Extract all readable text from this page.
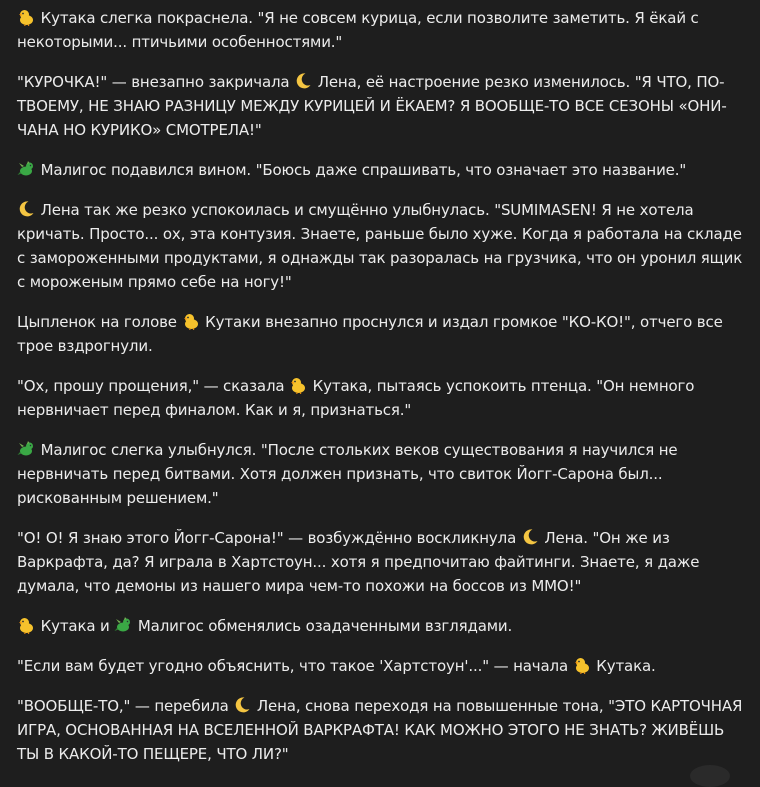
Кутака слегка покраснела. "Я не совсем курица, если позволите заметить. Я ёкай с некоторыми... птичьими особенностями."

"КУРОЧКА!" — внезапно закричала
Лена, её настроение резко изменилось. "Я ЧТО, ПО-ТВОЕМУ, НЕ ЗНАЮ РАЗНИЦУ МЕЖДУ КУРИЦЕЙ И ЁКАЕМ? Я ВООБЩЕ-ТО ВСЕ СЕЗОНЫ «ОНИ-ЧАНА НО КУРИКО» СМОТРЕЛА!"

Малигос подавился вином. "Боюсь даже спрашивать, что означает это название."

Лена так же резко успокоилась и смущённо улыбнулась. "SUMIMASEN! Я не хотела кричать. Просто... ох, эта контузия. Знаете, раньше было хуже. Когда я работала на складе с замороженными продуктами, я однажды так разоралась на грузчика, что он уронил ящик с мороженым прямо себе на ногу!"

Цыпленок на голове
Кутаки внезапно проснулся и издал громкое "КО-КО!", отчего все трое вздрогнули.

"Ох, прошу прощения," — сказала
Кутака, пытаясь успокоить птенца. "Он немного нервничает перед финалом. Как и я, признаться."

Малигос слегка улыбнулся. "После стольких веков существования я научился не нервничать перед битвами. Хотя должен признать, что свиток Йогг-Сарона был... рискованным решением."

"О! О! Я знаю этого Йогг-Сарона!" — возбуждённо воскликнула
Лена. "Он же из Варкрафта, да? Я играла в Хартстоун... хотя я предпочитаю файтинги. Знаете, я даже думала, что демоны из нашего мира чем-то похожи на боссов из ММО!"

Кутака и
Малигос обменялись озадаченными взглядами.

"Если вам будет угодно объяснить, что такое 'Хартстоун'..." — начала
Кутака.

"ВООБЩЕ-ТО," — перебила
Лена, снова переходя на повышенные тона, "ЭТО КАРТОЧНАЯ ИГРА, ОСНОВАННАЯ НА ВСЕЛЕННОЙ ВАРКРАФТА! КАК МОЖНО ЭТОГО НЕ ЗНАТЬ? ЖИВЁШЬ ТЫ В КАКОЙ-ТО ПЕЩЕРЕ, ЧТО ЛИ?"
